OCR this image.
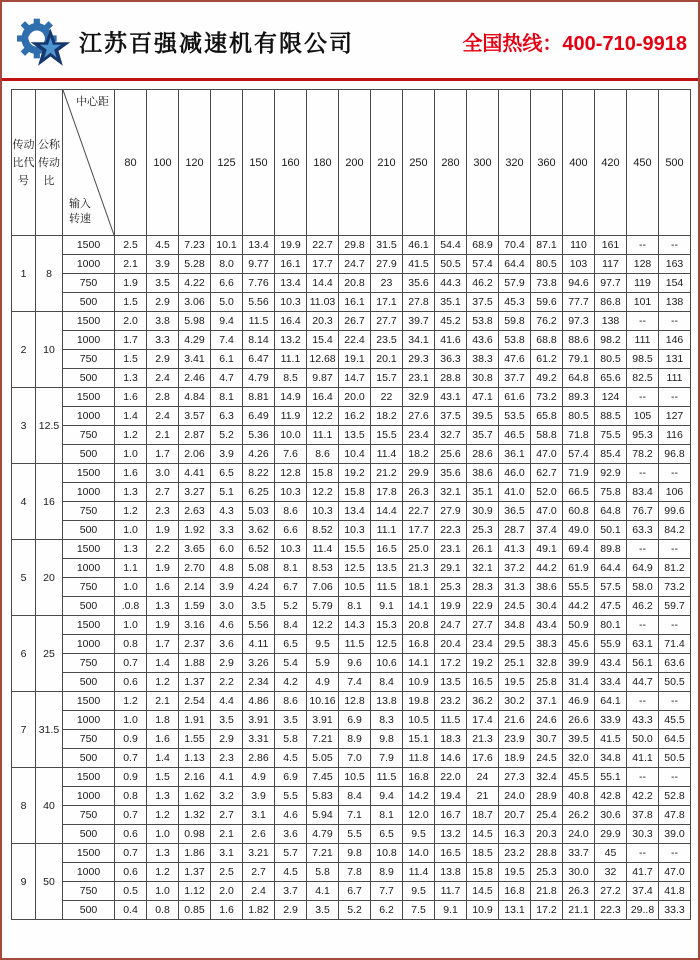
江苏百强减速机有限公司	全国热线：400-710-9918
传动比代号	公称传动比	中心距
输入
转速	80	100	120	125	150	160	180	200	210	250	280	300	320	360	400	420	450	500
1	8	1500	2.5	4.5	7.23	10.1	13.4	19.9	22.7	29.8	31.5	46.1	54.4	68.9	70.4	87.1	110	161	--	--
		1000	2.1	3.9	5.28	8.0	9.77	16.1	17.7	24.7	27.9	41.5	50.5	57.4	64.4	80.5	103	117	128	163
		750	1.9	3.5	4.22	6.6	7.76	13.4	14.4	20.8	23	35.6	44.3	46.2	57.9	73.8	94.6	97.7	119	154
		500	1.5	2.9	3.06	5.0	5.56	10.3	11.03	16.1	17.1	27.8	35.1	37.5	45.3	59.6	77.7	86.8	101	138
2	10	1500	2.0	3.8	5.98	9.4	11.5	16.4	20.3	26.7	27.7	39.7	45.2	53.8	59.8	76.2	97.3	138	--	--
		1000	1.7	3.3	4.29	7.4	8.14	13.2	15.4	22.4	23.5	34.1	41.6	43.6	53.8	68.8	88.6	98.2	111	146
		750	1.5	2.9	3.41	6.1	6.47	11.1	12.68	19.1	20.1	29.3	36.3	38.3	47.6	61.2	79.1	80.5	98.5	131
		500	1.3	2.4	2.46	4.7	4.79	8.5	9.87	14.7	15.7	23.1	28.8	30.8	37.7	49.2	64.8	65.6	82.5	111
3	12.5	1500	1.6	2.8	4.84	8.1	8.81	14.9	16.4	20.0	22	32.9	43.1	47.1	61.6	73.2	89.3	124	--	--
		1000	1.4	2.4	3.57	6.3	6.49	11.9	12.2	16.2	18.2	27.6	37.5	39.5	53.5	65.8	80.5	88.5	105	127
		750	1.2	2.1	2.87	5.2	5.36	10.0	11.1	13.5	15.5	23.4	32.7	35.7	46.5	58.8	71.8	75.5	95.3	116
		500	1.0	1.7	2.06	3.9	4.26	7.6	8.6	10.4	11.4	18.2	25.6	28.6	36.1	47.0	57.4	85.4	78.2	96.8
4	16	1500	1.6	3.0	4.41	6.5	8.22	12.8	15.8	19.2	21.2	29.9	35.6	38.6	46.0	62.7	71.9	92.9	--	--
		1000	1.3	2.7	3.27	5.1	6.25	10.3	12.2	15.8	17.8	26.3	32.1	35.1	41.0	52.0	66.5	75.8	83.4	106
		750	1.2	2.3	2.63	4.3	5.03	8.6	10.3	13.4	14.4	22.7	27.9	30.9	36.5	47.0	60.8	64.8	76.7	99.6
		500	1.0	1.9	1.92	3.3	3.62	6.6	8.52	10.3	11.1	17.7	22.3	25.3	28.7	37.4	49.0	50.1	63.3	84.2
5	20	1500	1.3	2.2	3.65	6.0	6.52	10.3	11.4	15.5	16.5	25.0	23.1	26.1	41.3	49.1	69.4	89.8	--	--
		1000	1.1	1.9	2.70	4.8	5.08	8.1	8.53	12.5	13.5	21.3	29.1	32.1	37.2	44.2	61.9	64.4	64.9	81.2
		750	1.0	1.6	2.14	3.9	4.24	6.7	7.06	10.5	11.5	18.1	25.3	28.3	31.3	38.6	55.5	57.5	58.0	73.2
		500	.0.8	1.3	1.59	3.0	3.5	5.2	5.79	8.1	9.1	14.1	19.9	22.9	24.5	30.4	44.2	47.5	46.2	59.7
6	25	1500	1.0	1.9	3.16	4.6	5.56	8.4	12.2	14.3	15.3	20.8	24.7	27.7	34.8	43.4	50.9	80.1	--	--
		1000	0.8	1.7	2.37	3.6	4.11	6.5	9.5	11.5	12.5	16.8	20.4	23.4	29.5	38.3	45.6	55.9	63.1	71.4
		750	0.7	1.4	1.88	2.9	3.26	5.4	5.9	9.6	10.6	14.1	17.2	19.2	25.1	32.8	39.9	43.4	56.1	63.6
		500	0.6	1.2	1.37	2.2	2.34	4.2	4.9	7.4	8.4	10.9	13.5	16.5	19.5	25.8	31.4	33.4	44.7	50.5
7	31.5	1500	1.2	2.1	2.54	4.4	4.86	8.6	10.16	12.8	13.8	19.8	23.2	36.2	30.2	37.1	46.9	64.1	--	--
		1000	1.0	1.8	1.91	3.5	3.91	3.5	3.91	6.9	8.3	10.5	11.5	17.4	21.6	24.6	26.6	33.9	43.3	45.5
		750	0.9	1.6	1.55	2.9	3.31	5.8	7.21	8.9	9.8	15.1	18.3	21.3	23.9	30.7	39.5	41.5	50.0	64.5
		500	0.7	1.4	1.13	2.3	2.86	4.5	5.05	7.0	7.9	11.8	14.6	17.6	18.9	24.5	32.0	34.8	41.1	50.5
8	40	1500	0.9	1.5	2.16	4.1	4.9	6.9	7.45	10.5	11.5	16.8	22.0	24	27.3	32.4	45.5	55.1	--	--
		1000	0.8	1.3	1.62	3.2	3.9	5.5	5.83	8.4	9.4	14.2	19.4	21	24.0	28.9	40.8	42.8	42.2	52.8
		750	0.7	1.2	1.32	2.7	3.1	4.6	5.94	7.1	8.1	12.0	16.7	18.7	20.7	25.4	26.2	30.6	37.8	47.8
		500	0.6	1.0	0.98	2.1	2.6	3.6	4.79	5.5	6.5	9.5	13.2	14.5	16.3	20.3	24.0	29.9	30.3	39.0
9	50	1500	0.7	1.3	1.86	3.1	3.21	5.7	7.21	9.8	10.8	14.0	16.5	18.5	23.2	28.8	33.7	45	--	--
		1000	0.6	1.2	1.37	2.5	2.7	4.5	5.8	7.8	8.9	11.4	13.8	15.8	19.5	25.3	30.0	32	41.7	47.0
		750	0.5	1.0	1.12	2.0	2.4	3.7	4.1	6.7	7.7	9.5	11.7	14.5	16.8	21.8	26.3	27.2	37.4	41.8
		500	0.4	0.8	0.85	1.6	1.82	2.9	3.5	5.2	6.2	7.5	9.1	10.9	13.1	17.2	21.1	22.3	29..8	33.3
